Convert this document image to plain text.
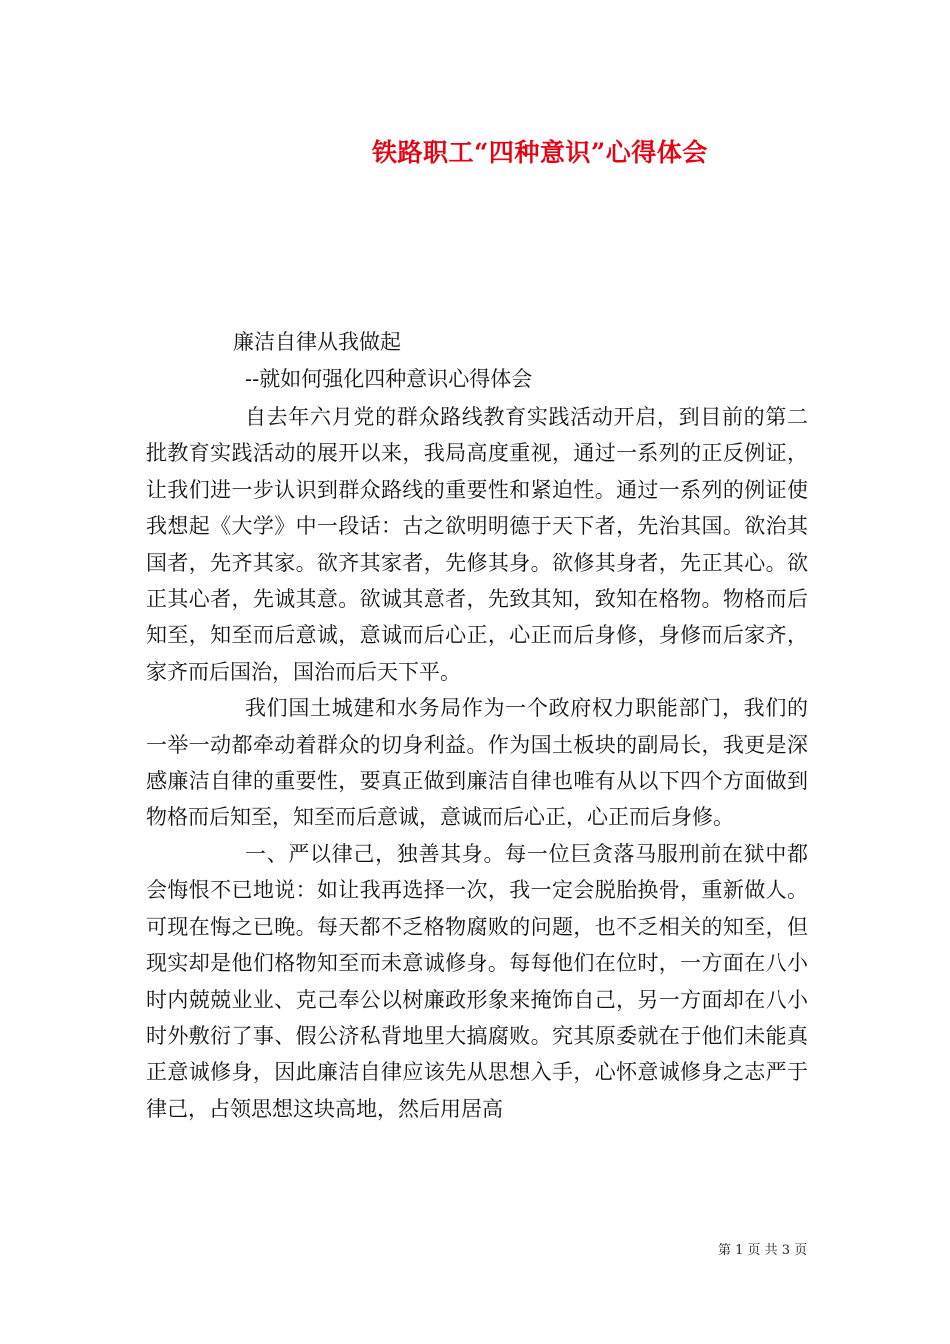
铁路职工“四种意识”心得体会
廉洁自律从我做起
--就如何强化四种意识心得体会

自去年六月党的群众路线教育实践活动开启，到目前的第二批教育实践活动的展开以来，我局高度重视，通过一系列的正反例证，让我们进一步认识到群众路线的重要性和紧迫性。通过一系列的例证使我想起《大学》中一段话：古之欲明明德于天下者，先治其国。欲治其国者，先齐其家。欲齐其家者，先修其身。欲修其身者，先正其心。欲正其心者，先诚其意。欲诚其意者，先致其知，致知在格物。物格而后知至，知至而后意诚，意诚而后心正，心正而后身修，身修而后家齐，家齐而后国治，国治而后天下平。

我们国土城建和水务局作为一个政府权力职能部门，我们的一举一动都牵动着群众的切身利益。作为国土板块的副局长，我更是深感廉洁自律的重要性，要真正做到廉洁自律也唯有从以下四个方面做到物格而后知至，知至而后意诚，意诚而后心正，心正而后身修。

一、严以律己，独善其身。每一位巨贪落马服刑前在狱中都会悔恨不已地说：如让我再选择一次，我一定会脱胎换骨，重新做人。可现在悔之已晚。每天都不乏格物腐败的问题，也不乏相关的知至，但现实却是他们格物知至而未意诚修身。每每他们在位时，一方面在八小时内兢兢业业、克己奉公以树廉政形象来掩饰自己，另一方面却在八小时外敷衍了事、假公济私背地里大搞腐败。究其原委就在于他们未能真正意诚修身，因此廉洁自律应该先从思想入手，心怀意诚修身之志严于律己，占领思想这块高地，然后用居高

第 1 页 共 3 页
